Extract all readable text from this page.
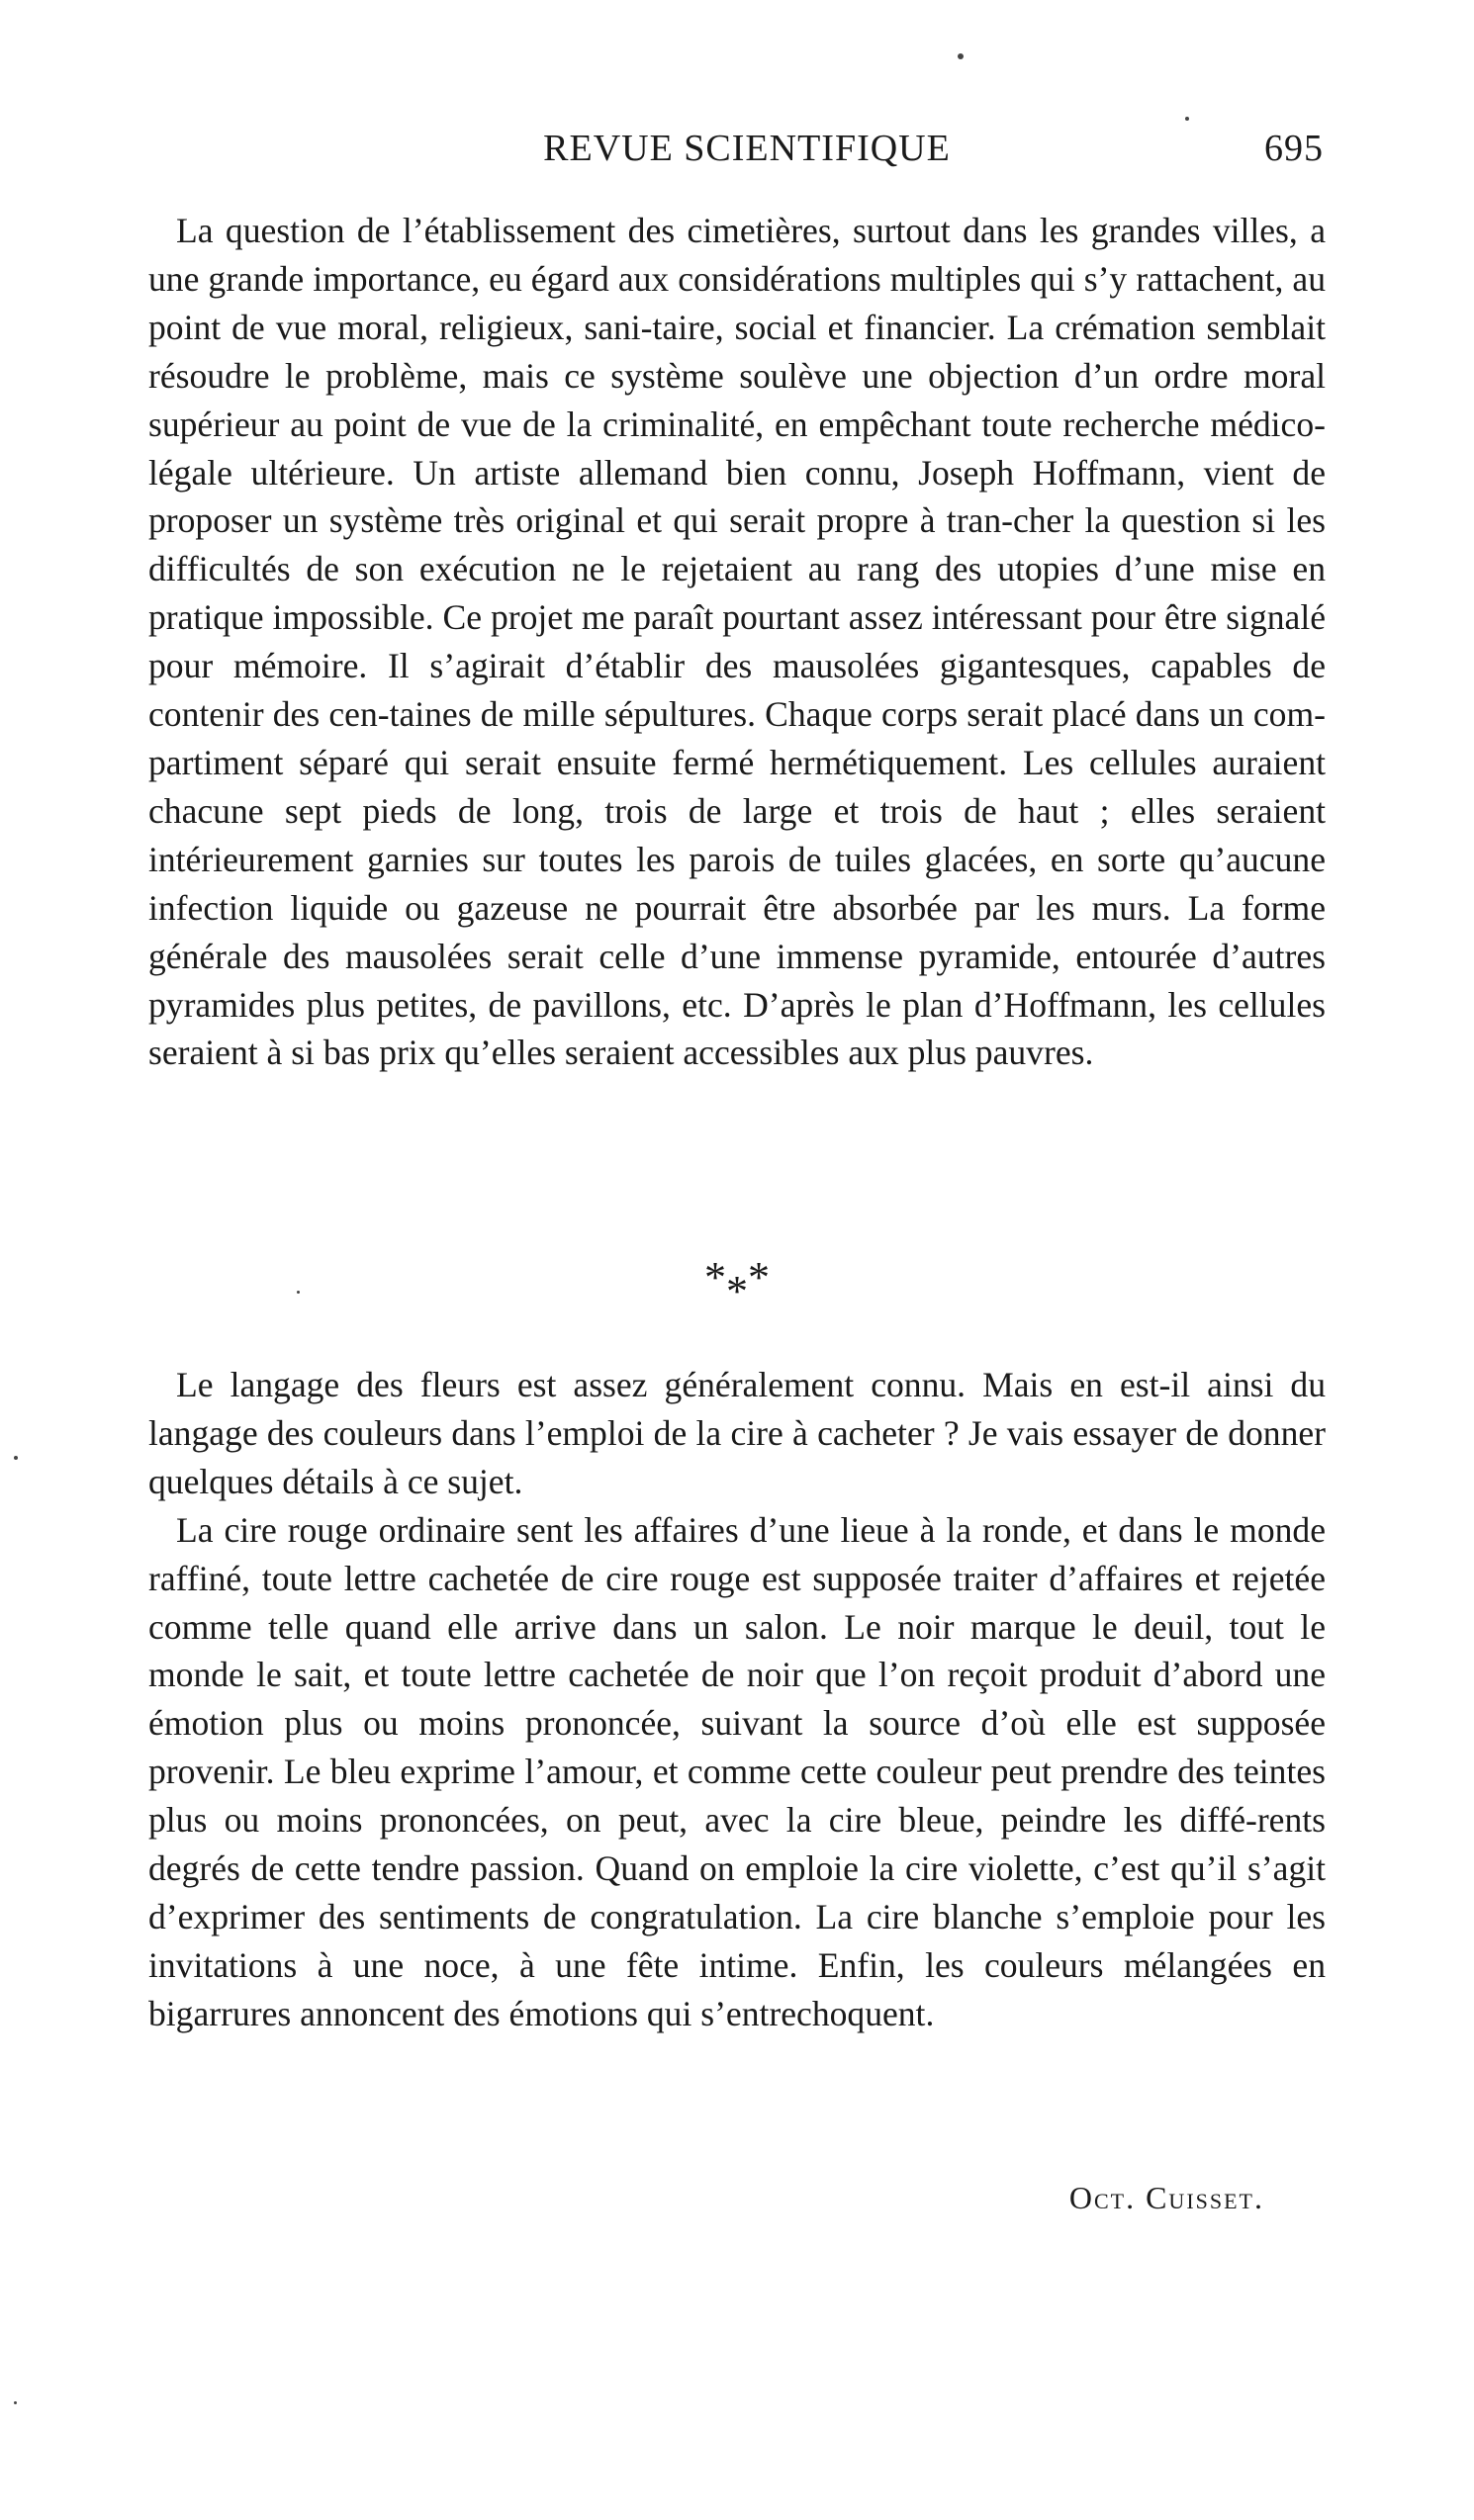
REVUE SCIENTIFIQUE	695

La question de l’établissement des cimetières, surtout dans les grandes villes, a une grande importance, eu égard aux considérations multiples qui s’y rattachent, au point de vue moral, religieux, sani-taire, social et financier. La crémation semblait résoudre le problème, mais ce système soulève une objection d’un ordre moral supérieur au point de vue de la criminalité, en empêchant toute recherche médico-légale ultérieure. Un artiste allemand bien connu, Joseph Hoffmann, vient de proposer un système très original et qui serait propre à tran-cher la question si les difficultés de son exécution ne le rejetaient au rang des utopies d’une mise en pratique impossible. Ce projet me paraît pourtant assez intéressant pour être signalé pour mémoire. Il s’agirait d’établir des mausolées gigantesques, capables de contenir des cen-taines de mille sépultures. Chaque corps serait placé dans un com-partiment séparé qui serait ensuite fermé hermétiquement. Les cellules auraient chacune sept pieds de long, trois de large et trois de haut ; elles seraient intérieurement garnies sur toutes les parois de tuiles glacées, en sorte qu’aucune infection liquide ou gazeuse ne pourrait être absorbée par les murs. La forme générale des mausolées serait celle d’une immense pyramide, entourée d’autres pyramides plus petites, de pavillons, etc. D’après le plan d’Hoffmann, les cellules seraient à si bas prix qu’elles seraient accessibles aux plus pauvres.

***

Le langage des fleurs est assez généralement connu. Mais en est-il ainsi du langage des couleurs dans l’emploi de la cire à cacheter ? Je vais essayer de donner quelques détails à ce sujet.

La cire rouge ordinaire sent les affaires d’une lieue à la ronde, et dans le monde raffiné, toute lettre cachetée de cire rouge est supposée traiter d’affaires et rejetée comme telle quand elle arrive dans un salon. Le noir marque le deuil, tout le monde le sait, et toute lettre cachetée de noir que l’on reçoit produit d’abord une émotion plus ou moins prononcée, suivant la source d’où elle est supposée provenir. Le bleu exprime l’amour, et comme cette couleur peut prendre des teintes plus ou moins prononcées, on peut, avec la cire bleue, peindre les diffé-rents degrés de cette tendre passion. Quand on emploie la cire violette, c’est qu’il s’agit d’exprimer des sentiments de congratulation. La cire blanche s’emploie pour les invitations à une noce, à une fête intime. Enfin, les couleurs mélangées en bigarrures annoncent des émotions qui s’entrechoquent.

Oct. Cuisset.
